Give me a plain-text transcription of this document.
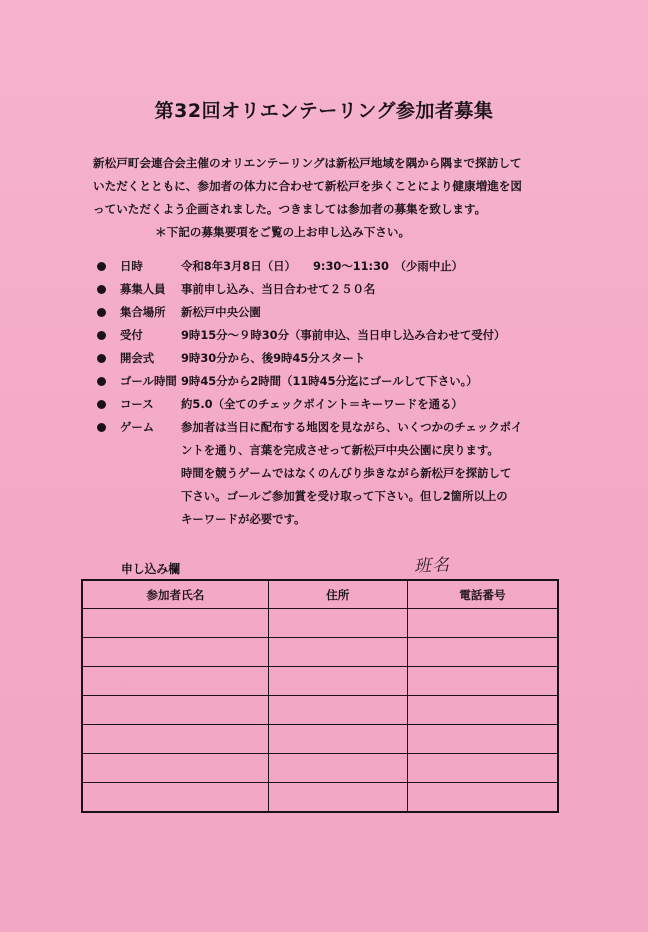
第32回オリエンテーリング参加者募集

新松戸町会連合会主催のオリエンテーリングは新松戸地域を隅から隅まで探訪して

いただくとともに、参加者の体力に合わせて新松戸を歩くことにより健康増進を図

っていただくよう企画されました。つきましては参加者の募集を致します。

＊下記の募集要項をご覧の上お申し込み下さい。

日時	令和8年3月8日（日）　　9:30〜11:30　（少雨中止）
募集人員 事前申し込み、当日合わせて２５０名
集合場所 新松戸中央公園
受付	9時15分〜９時30分（事前申込、当日申し込み合わせて受付）
開会式 9時30分から、後9時45分スタート
ゴール時間 9時45分から2時間（11時45分迄にゴールして下さい。）
コース 約5.0（全てのチェックポイント＝キーワードを通る）
ゲーム 参加者は当日に配布する地図を見ながら、いくつかのチェックポイ

ントを通り、言葉を完成させって新松戸中央公園に戻ります。

時間を競うゲームではなくのんびり歩きながら新松戸を探訪して

下さい。ゴールご参加賞を受け取って下さい。但し2箇所以上の

キーワードが必要です。

申し込み欄	班名
参加者氏名	住所	電話番号
